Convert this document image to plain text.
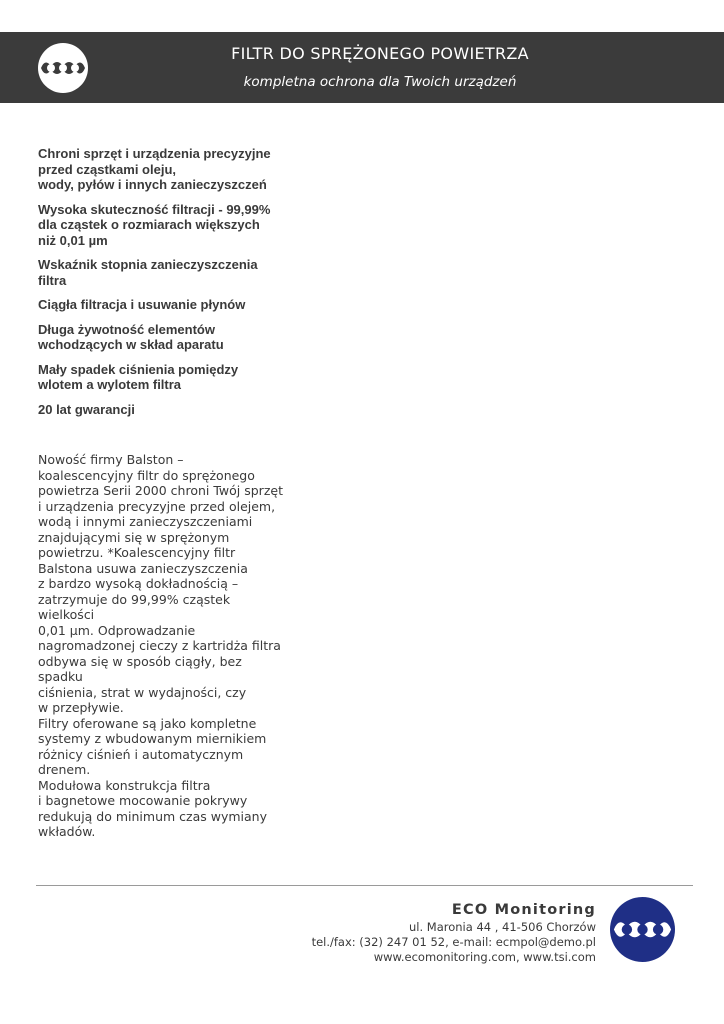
FILTR DO SPRĘŻONEGO POWIETRZA
kompletna ochrona dla Twoich urządzeń
Chroni sprzęt i urządzenia precyzyjne
przed cząstkami oleju,
wody, pyłów i innych zanieczyszczeń
Wysoka skuteczność filtracji - 99,99%
dla cząstek o rozmiarach większych
niż 0,01 µm
Wskaźnik stopnia zanieczyszczenia
filtra
Ciągła filtracja i usuwanie płynów
Długa żywotność elementów
wchodzących w skład aparatu
Mały spadek ciśnienia pomiędzy
wlotem a wylotem filtra
20 lat gwarancji

Nowość firmy Balston –
koalescencyjny filtr do sprężonego
powietrza Serii 2000 chroni Twój sprzęt
i urządzenia precyzyjne przed olejem,
wodą i innymi zanieczyszczeniami
znajdującymi się w sprężonym
powietrzu. *Koalescencyjny filtr
Balstona usuwa zanieczyszczenia
z bardzo wysoką dokładnością –
zatrzymuje do 99,99% cząstek wielkości
0,01 µm. Odprowadzanie
nagromadzonej cieczy z kartridża filtra
odbywa się w sposób ciągły, bez spadku
ciśnienia, strat w wydajności, czy
w przepływie.

Filtry oferowane są jako kompletne
systemy z wbudowanym miernikiem
różnicy ciśnień i automatycznym
drenem.

Modułowa konstrukcja filtra
i bagnetowe mocowanie pokrywy
redukują do minimum czas wymiany
wkładów.

ECO Monitoring
ul. Maronia 44 , 41-506 Chorzów
tel./fax: (32) 247 01 52, e-mail: ecmpol@demo.pl
www.ecomonitoring.com, www.tsi.com
